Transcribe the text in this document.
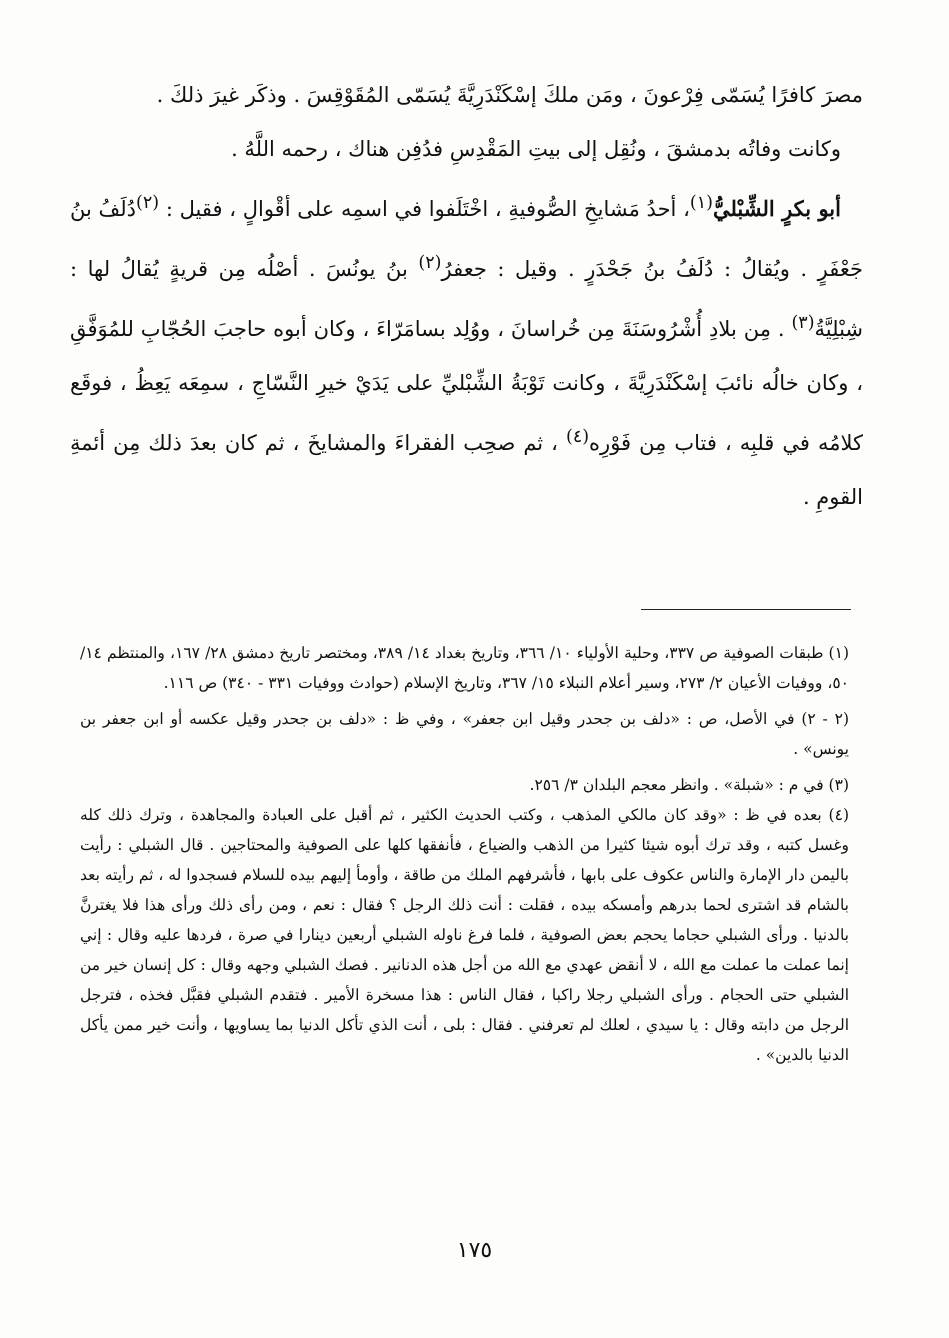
مصرَ كافرًا يُسَمّى فِرْعونَ ، ومَن ملكَ إسْكَنْدَرِيَّةَ يُسَمّى المُقَوْقِسَ . وذكَر غيرَ ذلكَ .

وكانت وفاتُه بدمشقَ ، ونُقِل إلى بيتِ المَقْدِسِ فدُفِن هناك ، رحمه اللَّهُ .

أبو بكرٍ الشِّبْليُّ$^{(١)}$، أحدُ مَشايخِ الصُّوفيةِ ، اخْتَلَفوا في اسمِه على أقْوالٍ ، فقيل : $^{(٢)}$دُلَفُ بنُ جَعْفَرٍ . ويُقالُ : دُلَفُ بنُ جَحْدَرٍ . وقيل : جعفرُ$^{(٢)}$ بنُ يونُسَ . أصْلُه مِن قريةٍ يُقالُ لها : شِبْلِيَّةُ$^{(٣)}$ . مِن بلادِ أُشْرُوسَنَةَ مِن خُراسانَ ، ووُلِد بسامَرّاءَ ، وكان أبوه حاجبَ الحُجّابِ للمُوَفَّقِ ، وكان خالُه نائبَ إسْكَنْدَرِيَّةَ ، وكانت تَوْبَةُ الشِّبْليِّ على يَدَيْ خيرِ النَّسّاجِ ، سمِعَه يَعِظُ ، فوقَع كلامُه في قلبِه ، فتاب مِن فَوْرِه$^{(٤)}$ ، ثم صحِب الفقراءَ والمشايخَ ، ثم كان بعدَ ذلك مِن أئمةِ القومِ .

(١) طبقات الصوفية ص ٣٣٧، وحلية الأولياء ١٠/ ٣٦٦، وتاريخ بغداد ١٤/ ٣٨٩، ومختصر تاريخ دمشق ٢٨/ ١٦٧، والمنتظم ١٤/ ٥٠، ووفيات الأعيان ٢/ ٢٧٣، وسير أعلام النبلاء ١٥/ ٣٦٧، وتاريخ الإسلام (حوادث ووفيات ٣٣١ - ٣٤٠) ص ١١٦.

(٢ - ٢) في الأصل، ص : «دلف بن جحدر وقيل ابن جعفر» ، وفي ظ : «دلف بن جحدر وقيل عكسه أو ابن جعفر بن يونس» .

(٣) في م : «شبلة» . وانظر معجم البلدان ٣/ ٢٥٦.

(٤) بعده في ظ : «وقد كان مالكي المذهب ، وكتب الحديث الكثير ، ثم أقبل على العبادة والمجاهدة ، وترك ذلك كله وغسل كتبه ، وقد ترك أبوه شيئا كثيرا من الذهب والضياع ، فأنفقها كلها على الصوفية والمحتاجين . قال الشبلي : رأيت باليمن دار الإمارة والناس عكوف على بابها ، فأشرفهم الملك من طاقة ، وأومأ إليهم بيده للسلام فسجدوا له ، ثم رأيته بعد بالشام قد اشترى لحما بدرهم وأمسكه بيده ، فقلت : أنت ذلك الرجل ؟ فقال : نعم ، ومن رأى ذلك ورأى هذا فلا يغترنَّ بالدنيا . ورأى الشبلي حجاما يحجم بعض الصوفية ، فلما فرغ ناوله الشبلي أربعين دينارا في صرة ، فردها عليه وقال : إني إنما عملت ما عملت مع الله ، لا أنقض عهدي مع الله من أجل هذه الدنانير . فصك الشبلي وجهه وقال : كل إنسان خير من الشبلي حتى الحجام . ورأى الشبلي رجلا راكبا ، فقال الناس : هذا مسخرة الأمير . فتقدم الشبلي فقبَّل فخذه ، فترجل الرجل من دابته وقال : يا سيدي ، لعلك لم تعرفني . فقال : بلى ، أنت الذي تأكل الدنيا بما يساويها ، وأنت خير ممن يأكل الدنيا بالدين» .

١٧٥
